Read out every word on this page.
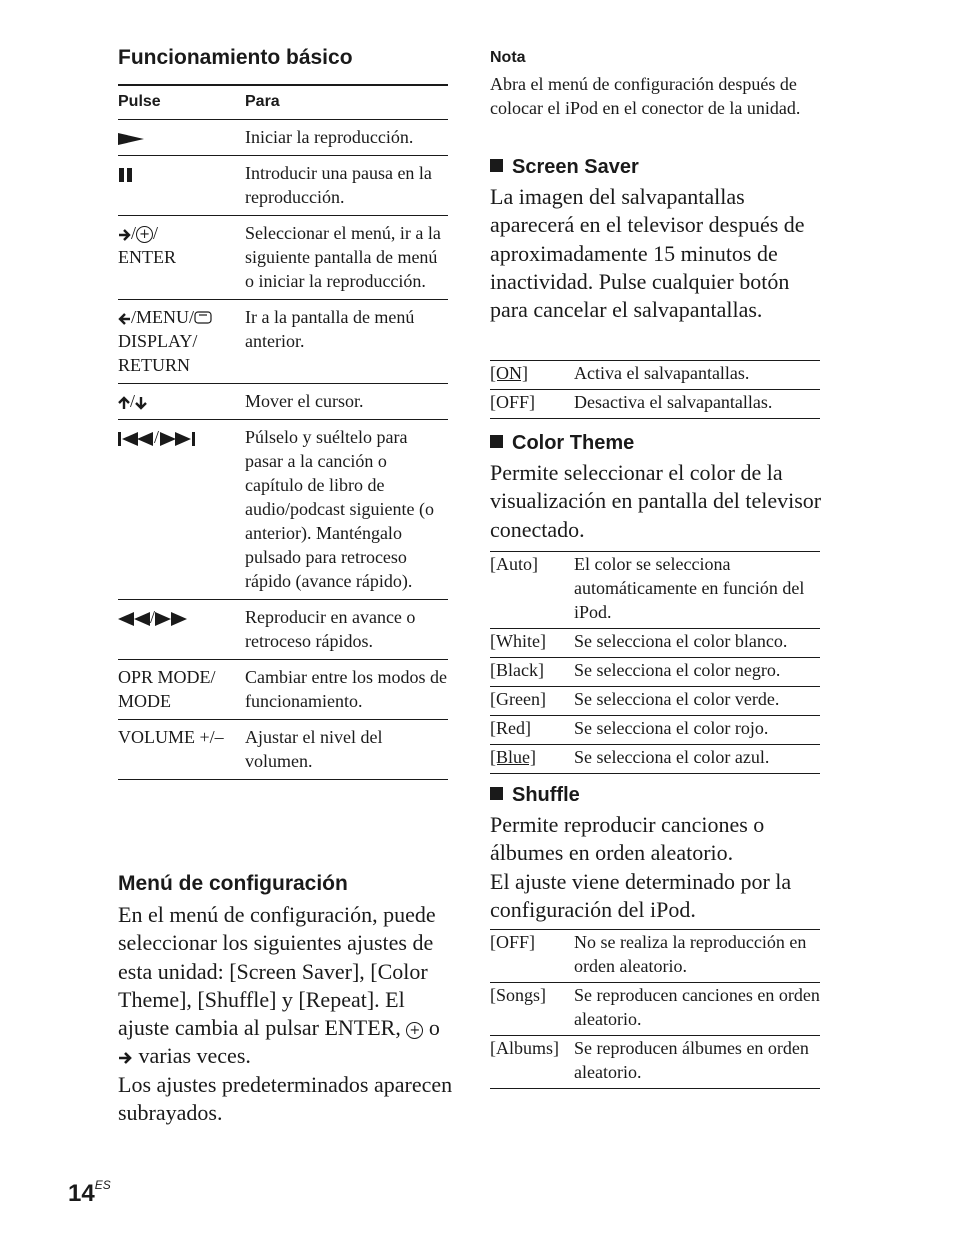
Funcionamiento básico
Pulse	Para
	Iniciar la reproducción.
	Introducir una pausa en la reproducción.

/ + /
ENTER	Seleccionar el menú, ir a la siguiente pantalla de menú o iniciar la reproducción.

/MENU/
DISPLAY/ RETURN	Ir a la pantalla de menú anterior.
/	Mover el cursor.
/	Púlselo y suéltelo para pasar a la canción o capítulo de libro de audio/podcast siguiente (o anterior). Manténgalo pulsado para retroceso rápido (avance rápido).
/	Reproducir en avance o retroceso rápidos.
OPR MODE/ MODE	Cambiar entre los modos de funcionamiento.
VOLUME +/–	Ajustar el nivel del volumen.
Menú de configuración
En el menú de configuración, puede seleccionar los siguientes ajustes de esta unidad: [Screen Saver], [Color Theme], [Shuffle] y [Repeat]. El ajuste cambia al pulsar ENTER, + o  varias veces.
Los ajustes predeterminados aparecen subrayados.
Nota
Abra el menú de configuración después de colocar el iPod en el conector de la unidad.
Screen Saver
La imagen del salvapantallas aparecerá en el televisor después de aproximadamente 15 minutos de inactividad. Pulse cualquier botón para cancelar el salvapantallas.
[ON]	Activa el salvapantallas.
[OFF]	Desactiva el salvapantallas.
Color Theme
Permite seleccionar el color de la visualización en pantalla del televisor conectado.
[Auto]	El color se selecciona automáticamente en función del iPod.
[White]	Se selecciona el color blanco.
[Black]	Se selecciona el color negro.
[Green]	Se selecciona el color verde.
[Red]	Se selecciona el color rojo.
[Blue]	Se selecciona el color azul.
Shuffle
Permite reproducir canciones o álbumes en orden aleatorio.
El ajuste viene determinado por la configuración del iPod.
[OFF]	No se realiza la reproducción en orden aleatorio.
[Songs]	Se reproducen canciones en orden aleatorio.
[Albums]	Se reproducen álbumes en orden aleatorio.
$14^{ES}$
